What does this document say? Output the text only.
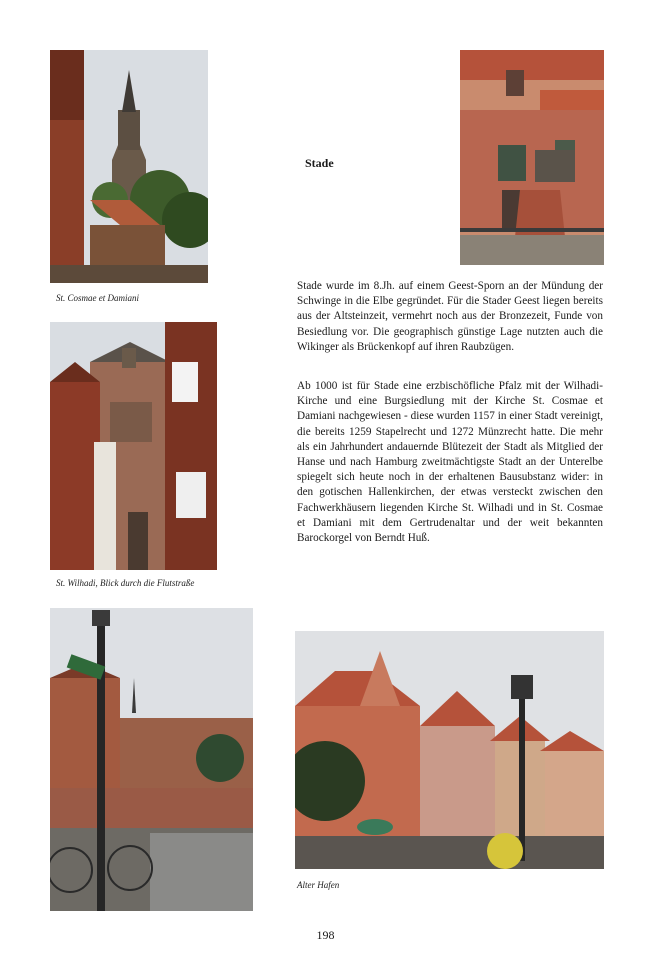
St. Cosmae et Damiani
Stade
St. Wilhadi, Blick durch die Flutstraße

Stade wurde im 8.Jh. auf einem Geest-Sporn an der Mündung der Schwinge in die Elbe gegründet. Für die Stader Geest liegen bereits aus der Altsteinzeit, vermehrt noch aus der Bronzezeit, Funde von Besiedlung vor. Die geographisch günstige Lage nutzten auch die Wikinger als Brückenkopf auf ihren Raubzügen.

Ab 1000 ist für Stade eine erzbischöfliche Pfalz mit der Wilhadi-Kirche und eine Burgsiedlung mit der Kirche St. Cosmae et Damiani nachgewiesen - diese wurden 1157 in einer Stadt vereinigt, die bereits 1259 Stapelrecht und 1272 Münzrecht hatte. Die mehr als ein Jahrhundert andauernde Blütezeit der Stadt als Mitglied der Hanse und nach Hamburg zweitmächtigste Stadt an der Unterelbe spiegelt sich heute noch in der erhaltenen Bausubstanz wider: in den gotischen Hallenkirchen, der etwas versteckt zwischen den Fachwerkhäusern liegenden Kirche St. Wilhadi und in St. Cosmae et Damiani mit dem Gertrudenaltar und der weit bekannten Barockorgel von Berndt Huß.

Alter Hafen
198
